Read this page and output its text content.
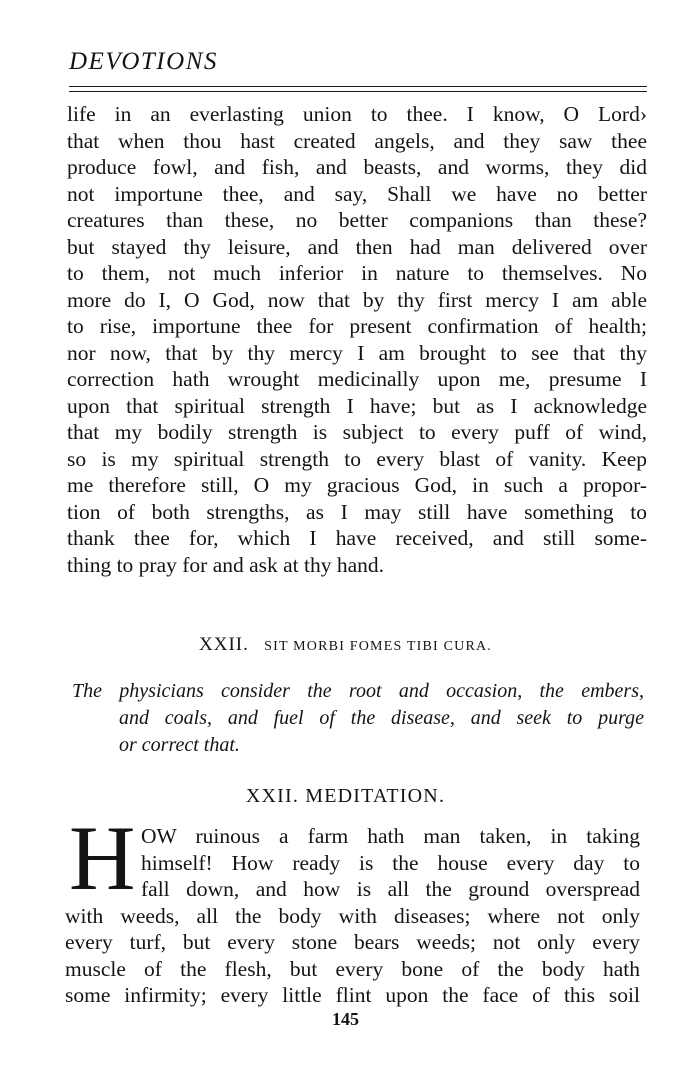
DEVOTIONS
life in an everlasting union to thee. I know, O Lord›
that when thou hast created angels, and they saw thee
produce fowl, and fish, and beasts, and worms, they did
not importune thee, and say, Shall we have no better
creatures than these, no better companions than these?
but stayed thy leisure, and then had man delivered over
to them, not much inferior in nature to themselves. No
more do I, O God, now that by thy first mercy I am able
to rise, importune thee for present confirmation of health;
nor now, that by thy mercy I am brought to see that thy
correction hath wrought medicinally upon me, presume I
upon that spiritual strength I have; but as I acknowledge
that my bodily strength is subject to every puff of wind,
so is my spiritual strength to every blast of vanity. Keep
me therefore still, O my gracious God, in such a propor-
tion of both strengths, as I may still have something to
thank thee for, which I have received, and still some-
thing to pray for and ask at thy hand.
XXII. SIT MORBI FOMES TIBI CURA.
The physicians consider the root and occasion, the embers,
and coals, and fuel of the disease, and seek to purge
or correct that.
XXII. MEDITATION.
H OW ruinous a farm hath man taken, in taking
himself! How ready is the house every day to
fall down, and how is all the ground overspread
with weeds, all the body with diseases; where not only
every turf, but every stone bears weeds; not only every
muscle of the flesh, but every bone of the body hath
some infirmity; every little flint upon the face of this soil
145
